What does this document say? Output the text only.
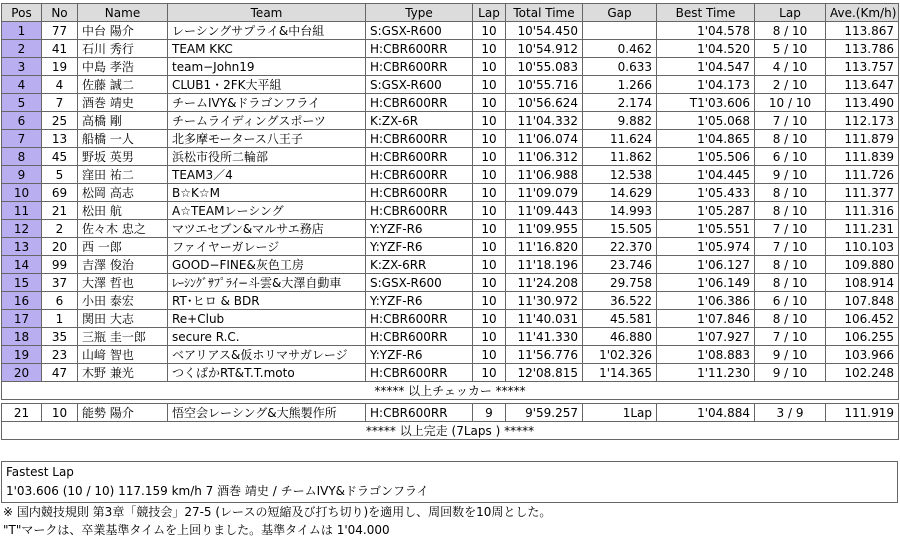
Pos	No	Name	Team	Type	Lap	Total Time	Gap	Best Time	Lap	Ave.(Km/h)
1	77	中台 陽介	レーシングサプライ&中台組	S:GSX-R600	10	10'54.450		1'04.578	8 / 10	113.867
2	41	石川 秀行	TEAM KKC	H:CBR600RR	10	10'54.912	0.462	1'04.520	5 / 10	113.786
3	19	中島 孝浩	team−John19	H:CBR600RR	10	10'55.083	0.633	1'04.547	4 / 10	113.757
4	4	佐藤 誠二	CLUB1・2FK大平組	S:GSX-R600	10	10'55.716	1.266	1'04.173	2 / 10	113.647
5	7	酒巻 靖史	チームIVY&ドラゴンフライ	H:CBR600RR	10	10'56.624	2.174	T1'03.606	10 / 10	113.490
6	25	高橋 剛	チームライディングスポーツ	K:ZX-6R	10	11'04.332	9.882	1'05.068	7 / 10	112.173
7	13	船橋 一人	北多摩モータース八王子	H:CBR600RR	10	11'06.074	11.624	1'04.865	8 / 10	111.879
8	45	野坂 英男	浜松市役所二輪部	H:CBR600RR	10	11'06.312	11.862	1'05.506	6 / 10	111.839
9	5	窪田 祐二	TEAM3／4	H:CBR600RR	10	11'06.988	12.538	1'04.445	9 / 10	111.726
10	69	松岡 高志	B☆K☆M	H:CBR600RR	10	11'09.079	14.629	1'05.433	8 / 10	111.377
11	21	松田 航	A☆TEAMレーシング	H:CBR600RR	10	11'09.443	14.993	1'05.287	8 / 10	111.316
12	2	佐々木 忠之	マツエセブン&マルサエ務店	Y:YZF-R6	10	11'09.955	15.505	1'05.551	7 / 10	111.231
13	20	西 一郎	ファイヤーガレージ	Y:YZF-R6	10	11'16.820	22.370	1'05.974	7 / 10	110.103
14	99	吉澤 俊治	GOOD−FINE&灰色工房	K:ZX-6RR	10	11'18.196	23.746	1'06.127	8 / 10	109.880
15	37	大澤 哲也	ﾚｰｼﾝｸﾞｻﾌﾟﾗｲ−斗雲&大澤自動車	S:GSX-R600	10	11'24.208	29.758	1'06.149	8 / 10	108.914
16	6	小田 泰宏	RT･ヒロ & BDR	Y:YZF-R6	10	11'30.972	36.522	1'06.386	6 / 10	107.848
17	1	関田 大志	Re+Club	H:CBR600RR	10	11'40.031	45.581	1'07.846	8 / 10	106.452
18	35	三瓶 圭一郎	secure R.C.	H:CBR600RR	10	11'41.330	46.880	1'07.927	7 / 10	106.255
19	23	山﨑 智也	ベアリアス&仮ホリマサガレージ	Y:YZF-R6	10	11'56.776	1'02.326	1'08.883	9 / 10	103.966
20	47	木野 兼光	つくばかRT&T.T.moto	H:CBR600RR	10	12'08.815	1'14.365	1'11.230	9 / 10	102.248
***** 以上チェッカー *****										

21	10	能勢 陽介	悟空会レーシング&大熊製作所	H:CBR600RR	9	9'59.257	1Lap	1'04.884	3 / 9	111.919
***** 以上完走 (7Laps ) *****										
Fastest Lap
1'03.606 (10 / 10) 117.159 km/h 7 酒巻 靖史 / チームIVY&ドラゴンフライ
※ 国内競技規則 第3章「競技会」27-5 (レースの短縮及び打ち切り)を適用し、周回数を10周とした。
"T"マークは、卒業基準タイムを上回りました。基準タイムは 1'04.000
